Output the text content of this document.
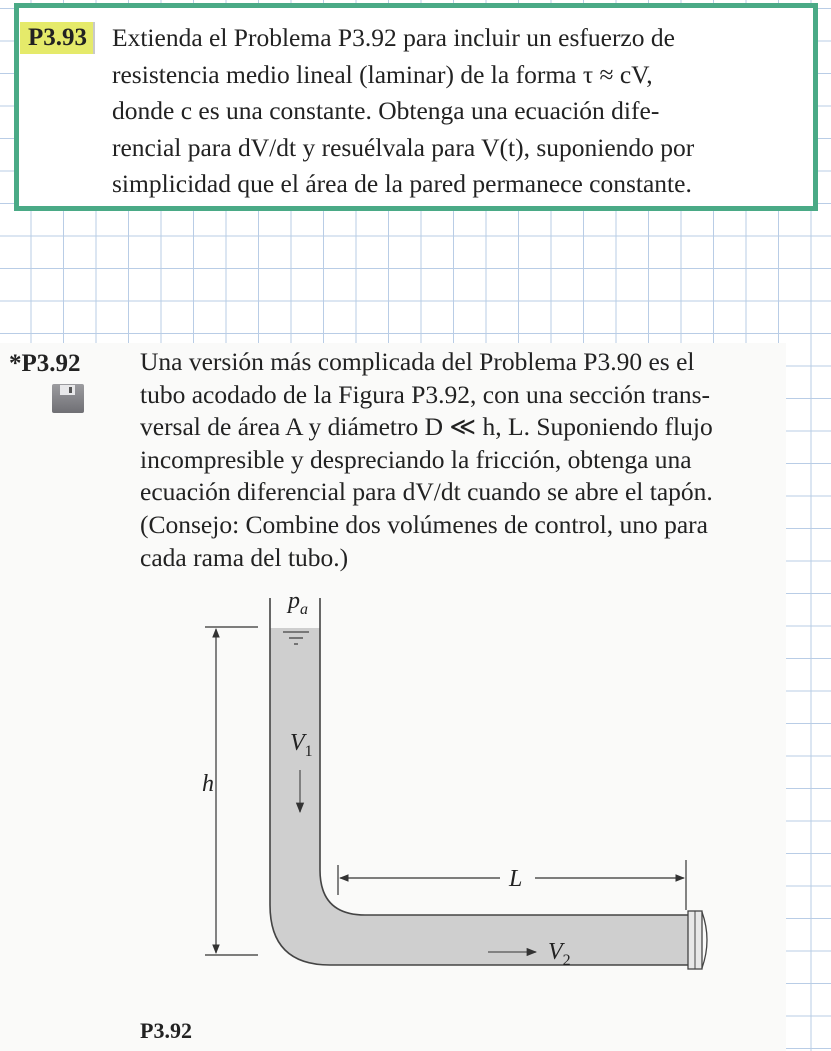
P3.93 Extienda el Problema P3.92 para incluir un esfuerzo de

resistencia medio lineal (laminar) de la forma τ ≈ cV,

donde c es una constante. Obtenga una ecuación dife-

rencial para dV/dt y resuélvala para V(t), suponiendo por

simplicidad que el área de la pared permanece constante.

*P3.92 Una versión más complicada del Problema P3.90 es el

tubo acodado de la Figura P3.92, con una sección trans-

versal de área A y diámetro D ≪ h, L. Suponiendo flujo

incompresible y despreciando la fricción, obtenga una

ecuación diferencial para dV/dt cuando se abre el tapón.

(Consejo: Combine dos volúmenes de control, uno para

cada rama del tubo.)

$p_a$
h
$V_1$
L
$V_2$
P3.92
